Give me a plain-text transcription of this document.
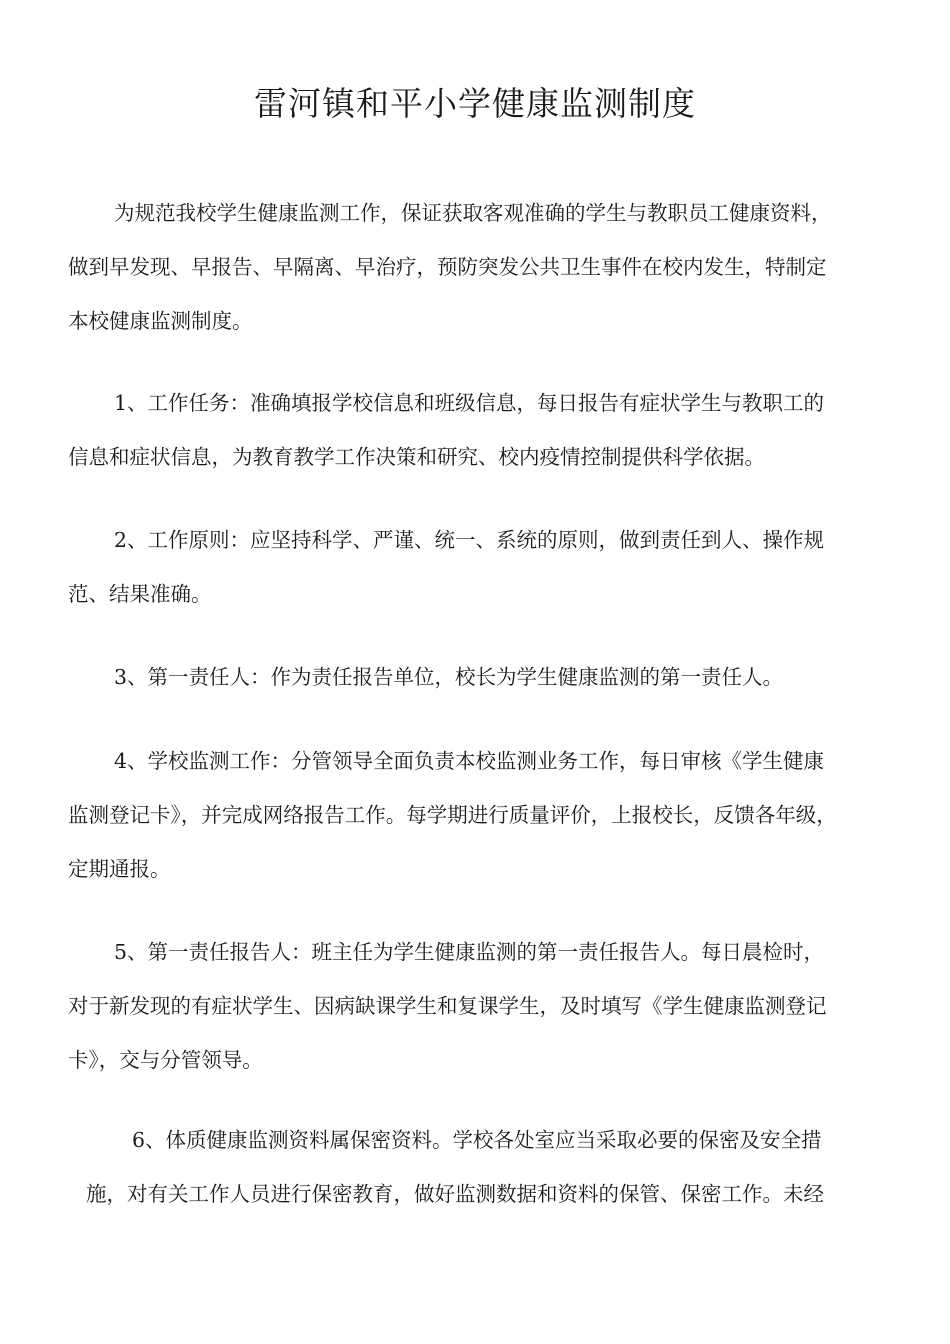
雷河镇和平小学健康监测制度

为规范我校学生健康监测工作，保证获取客观准确的学生与教职员工健康资料，
做到早发现、早报告、早隔离、早治疗，预防突发公共卫生事件在校内发生，特制定
本校健康监测制度。

1、工作任务：准确填报学校信息和班级信息，每日报告有症状学生与教职工的
信息和症状信息，为教育教学工作决策和研究、校内疫情控制提供科学依据。

2、工作原则：应坚持科学、严谨、统一、系统的原则，做到责任到人、操作规
范、结果准确。

3、第一责任人：作为责任报告单位，校长为学生健康监测的第一责任人。

4、学校监测工作：分管领导全面负责本校监测业务工作，每日审核《学生健康
监测登记卡》，并完成网络报告工作。每学期进行质量评价，上报校长，反馈各年级，
定期通报。

5、第一责任报告人：班主任为学生健康监测的第一责任报告人。每日晨检时，
对于新发现的有症状学生、因病缺课学生和复课学生，及时填写《学生健康监测登记
卡》，交与分管领导。

6、体质健康监测资料属保密资料。学校各处室应当采取必要的保密及安全措
施，对有关工作人员进行保密教育，做好监测数据和资料的保管、保密工作。未经
